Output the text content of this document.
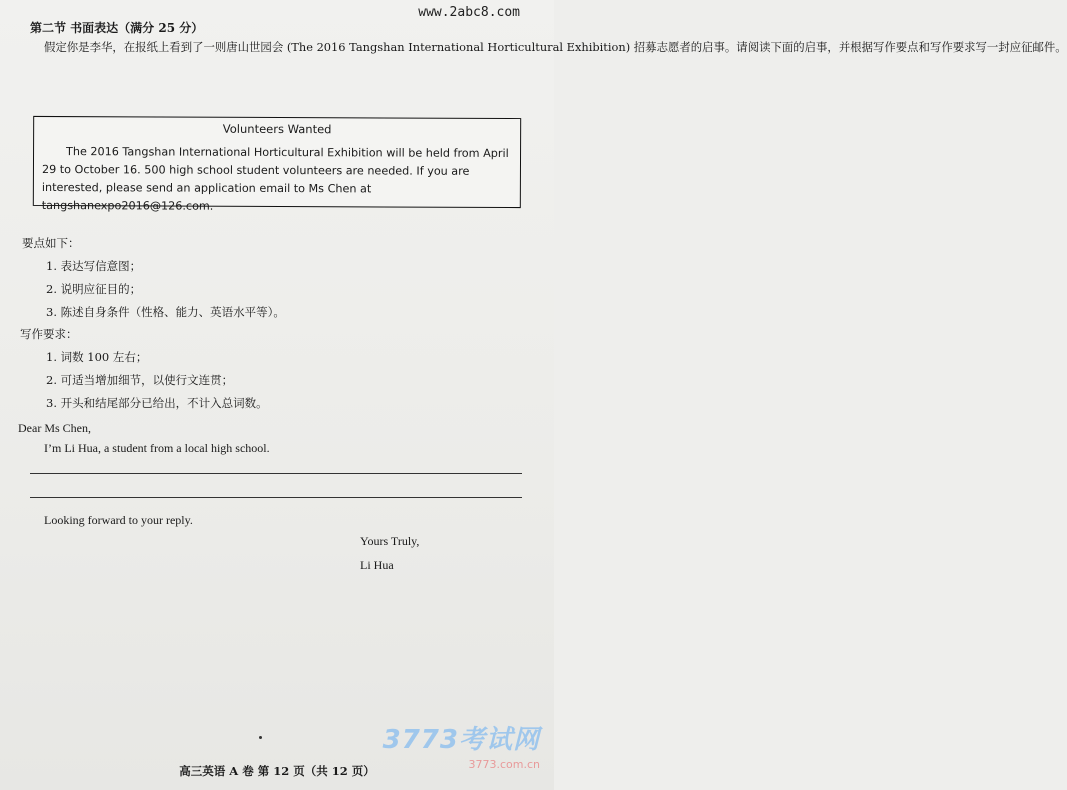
www.2abc8.com
第二节 书面表达（满分 25 分）

假定你是李华，在报纸上看到了一则唐山世园会 (The 2016 Tangshan International Horticultural Exhibition) 招募志愿者的启事。请阅读下面的启事，并根据写作要点和写作要求写一封应征邮件。

Volunteers Wanted
The 2016 Tangshan International Horticultural Exhibition will be held from April 29 to October 16. 500 high school student volunteers are needed. If you are interested, please send an application email to Ms Chen at tangshanexpo2016@126.com.
要点如下：
1. 表达写信意图；
2. 说明应征目的；
3. 陈述自身条件（性格、能力、英语水平等）。
写作要求：
1. 词数 100 左右；
2. 可适当增加细节，以使行文连贯；
3. 开头和结尾部分已给出，不计入总词数。
Dear Ms Chen,
I’m Li Hua, a student from a local high school.
Looking forward to your reply.
Yours Truly,
Li Hua
3773考试网
3773.com.cn
高三英语 A 卷 第 12 页（共 12 页）
